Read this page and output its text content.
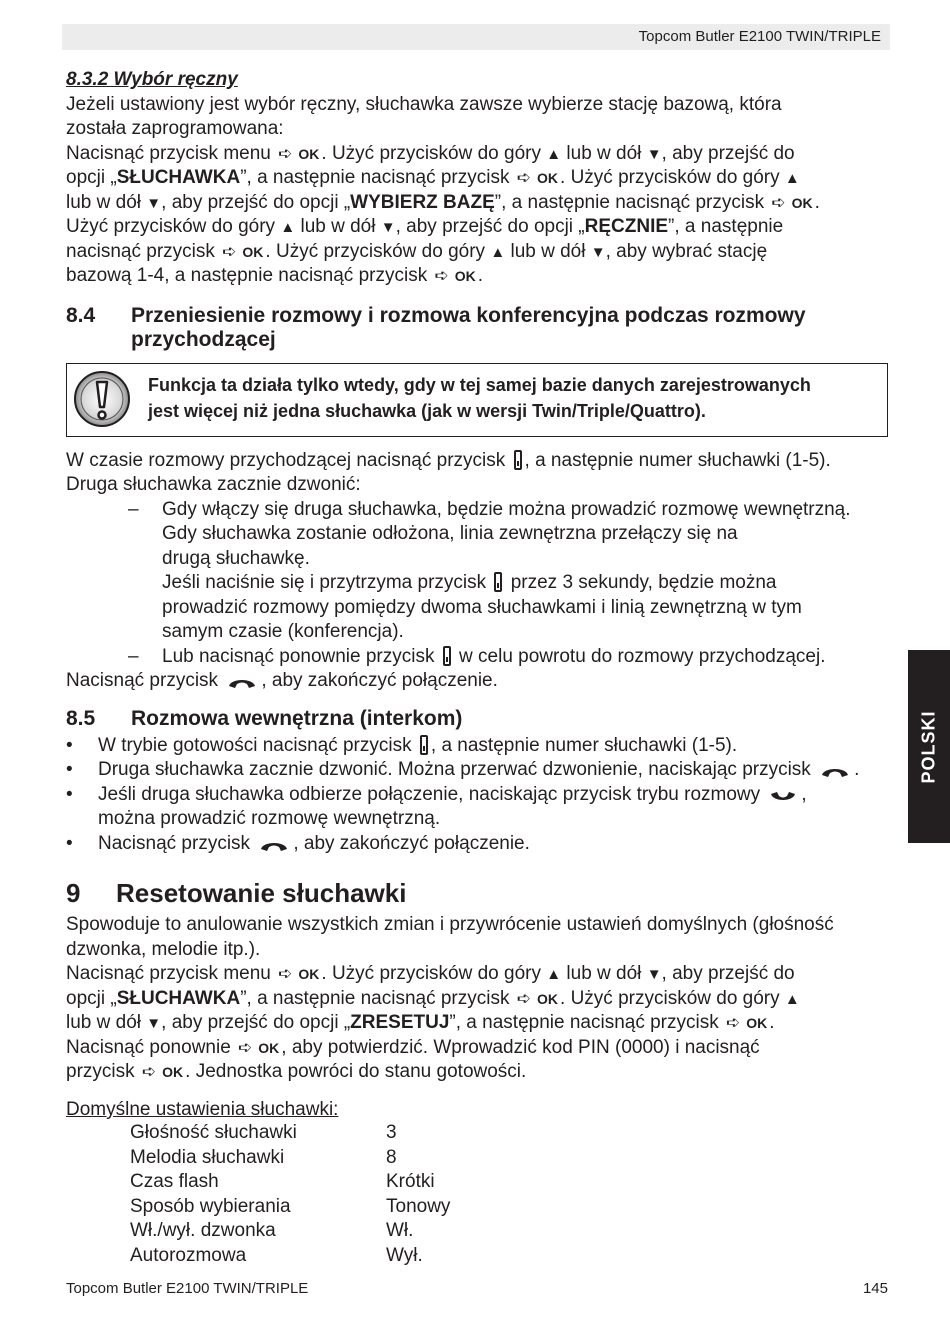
Topcom Butler E2100 TWIN/TRIPLE
POLSKI
8.3.2 Wybór ręczny
Jeżeli ustawiony jest wybór ręczny, słuchawka zawsze wybierze stację bazową, która
została zaprogramowana:
Nacisnąć przycisk menu ➪ OK . Użyć przycisków do góry ▲ lub w dół ▼, aby przejść do
opcji „SŁUCHAWKA”, a następnie nacisnąć przycisk ➪ OK . Użyć przycisków do góry ▲
lub w dół ▼, aby przejść do opcji „WYBIERZ BAZĘ”, a następnie nacisnąć przycisk ➪ OK .
Użyć przycisków do góry ▲ lub w dół ▼, aby przejść do opcji „RĘCZNIE”, a następnie
nacisnąć przycisk ➪ OK . Użyć przycisków do góry ▲ lub w dół ▼, aby wybrać stację
bazową 1-4, a następnie nacisnąć przycisk ➪ OK .
8.4 Przeniesienie rozmowy i rozmowa konferencyjna podczas rozmowy
przychodzącej
Funkcja ta działa tylko wtedy, gdy w tej samej bazie danych zarejestrowanych
jest więcej niż jedna słuchawka (jak w wersji Twin/Triple/Quattro).
W czasie rozmowy przychodzącej nacisnąć przycisk , a następnie numer słuchawki (1-5).
Druga słuchawka zacznie dzwonić:
– Gdy włączy się druga słuchawka, będzie można prowadzić rozmowę wewnętrzną.
Gdy słuchawka zostanie odłożona, linia zewnętrzna przełączy się na
drugą słuchawkę.
Jeśli naciśnie się i przytrzyma przycisk  przez 3 sekundy, będzie można
prowadzić rozmowy pomiędzy dwoma słuchawkami i linią zewnętrzną w tym
samym czasie (konferencja).
– Lub nacisnąć ponownie przycisk  w celu powrotu do rozmowy przychodzącej.
Nacisnąć przycisk , aby zakończyć połączenie.
8.5 Rozmowa wewnętrzna (interkom)
• W trybie gotowości nacisnąć przycisk , a następnie numer słuchawki (1-5).
• Druga słuchawka zacznie dzwonić. Można przerwać dzwonienie, naciskając przycisk .
• Jeśli druga słuchawka odbierze połączenie, naciskając przycisk trybu rozmowy ,
można prowadzić rozmowę wewnętrzną.
• Nacisnąć przycisk , aby zakończyć połączenie.
9 Resetowanie słuchawki
Spowoduje to anulowanie wszystkich zmian i przywrócenie ustawień domyślnych (głośność
dzwonka, melodie itp.).
Nacisnąć przycisk menu ➪ OK . Użyć przycisków do góry ▲ lub w dół ▼, aby przejść do
opcji „SŁUCHAWKA”, a następnie nacisnąć przycisk ➪ OK . Użyć przycisków do góry ▲
lub w dół ▼, aby przejść do opcji „ZRESETUJ”, a następnie nacisnąć przycisk ➪ OK .
Nacisnąć ponownie ➪ OK , aby potwierdzić. Wprowadzić kod PIN (0000) i nacisnąć
przycisk ➪ OK . Jednostka powróci do stanu gotowości.
Domyślne ustawienia słuchawki:
Głośność słuchawki	3
Melodia słuchawki	8
Czas flash	Krótki
Sposób wybierania	Tonowy
Wł./wył. dzwonka	Wł.
Autorozmowa	Wył.
Topcom Butler E2100 TWIN/TRIPLE	145
